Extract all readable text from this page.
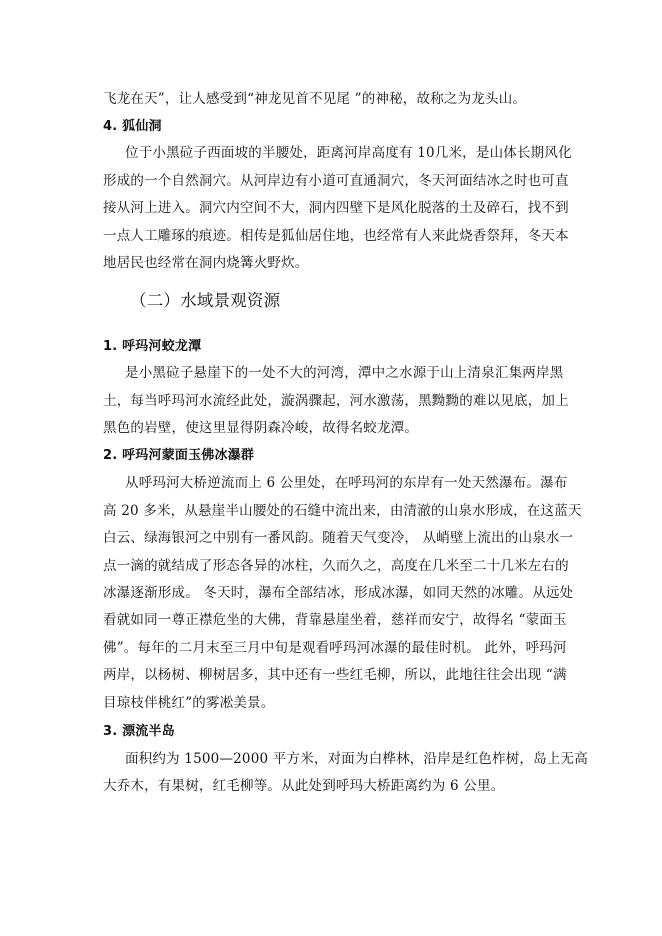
飞龙在天”，让人感受到“神龙见首不见尾 ”的神秘，故称之为龙头山。
4. 狐仙洞
位于小黑砬子西面坡的半腰处，距离河岸高度有 10几米，是山体长期风化
形成的一个自然洞穴。从河岸边有小道可直通洞穴，冬天河面结冰之时也可直
接从河上进入。洞穴内空间不大，洞内四壁下是风化脱落的土及碎石，找不到
一点人工雕琢的痕迹。相传是狐仙居住地，也经常有人来此烧香祭拜，冬天本
地居民也经常在洞内烧篝火野炊。
（二）水域景观资源
1. 呼玛河蛟龙潭
是小黑砬子悬崖下的一处不大的河湾，潭中之水源于山上清泉汇集两岸黑
土，每当呼玛河水流经此处，漩涡骤起，河水激荡，黑黝黝的难以见底，加上
黑色的岩壁，使这里显得阴森冷峻，故得名蛟龙潭。
2. 呼玛河蒙面玉佛冰瀑群
从呼玛河大桥逆流而上 6 公里处，在呼玛河的东岸有一处天然瀑布。瀑布
高 20 多米，从悬崖半山腰处的石缝中流出来，由清澈的山泉水形成，在这蓝天
白云、绿海银河之中别有一番风韵。随着天气变冷， 从峭壁上流出的山泉水一
点一滴的就结成了形态各异的冰柱，久而久之，高度在几米至二十几米左右的
冰瀑逐渐形成。 冬天时，瀑布全部结冰，形成冰瀑，如同天然的冰雕。从远处
看就如同一尊正襟危坐的大佛，背靠悬崖坐着，慈祥而安宁，故得名 “蒙面玉
佛”。每年的二月末至三月中旬是观看呼玛河冰瀑的最佳时机。 此外，呼玛河
两岸，以杨树、柳树居多，其中还有一些红毛柳，所以，此地往往会出现 “满
目琼枝伴桃红”的雾凇美景。
3. 漂流半岛
面积约为 1500—2000 平方米，对面为白桦林，沿岸是红色柞树，岛上无高
大乔木，有果树，红毛柳等。从此处到呼玛大桥距离约为 6 公里。
